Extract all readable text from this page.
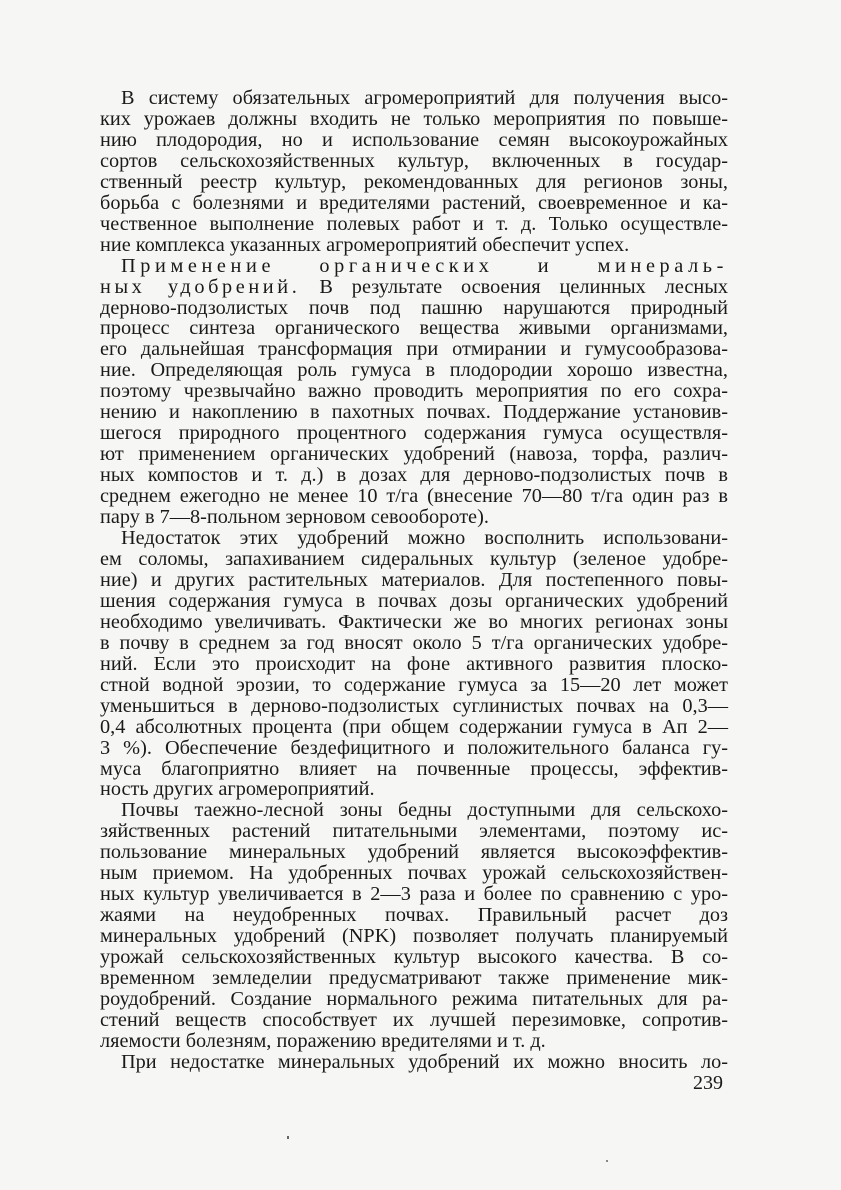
В систему обязательных агромероприятий для получения высо-
ких урожаев должны входить не только мероприятия по повыше-
нию плодородия, но и использование семян высокоурожайных
сортов сельскохозяйственных культур, включенных в государ-
ственный реестр культур, рекомендованных для регионов зоны,
борьба с болезнями и вредителями растений, своевременное и ка-
чественное выполнение полевых работ и т. д. Только осуществле-
ние комплекса указанных агромероприятий обеспечит успех.

Применение органических и минераль-
ных удобрений. В результате освоения целинных лесных
дерново-подзолистых почв под пашню нарушаются природный
процесс синтеза органического вещества живыми организмами,
его дальнейшая трансформация при отмирании и гумусообразова-
ние. Определяющая роль гумуса в плодородии хорошо известна,
поэтому чрезвычайно важно проводить мероприятия по его сохра-
нению и накоплению в пахотных почвах. Поддержание установив-
шегося природного процентного содержания гумуса осуществля-
ют применением органических удобрений (навоза, торфа, различ-
ных компостов и т. д.) в дозах для дерново-подзолистых почв в
среднем ежегодно не менее 10 т/га (внесение 70—80 т/га один раз в
пару в 7—8-польном зерновом севообороте).

Недостаток этих удобрений можно восполнить использовани-
ем соломы, запахиванием сидеральных культур (зеленое удобре-
ние) и других растительных материалов. Для постепенного повы-
шения содержания гумуса в почвах дозы органических удобрений
необходимо увеличивать. Фактически же во многих регионах зоны
в почву в среднем за год вносят около 5 т/га органических удобре-
ний. Если это происходит на фоне активного развития плоско-
стной водной эрозии, то содержание гумуса за 15—20 лет может
уменьшиться в дерново-подзолистых суглинистых почвах на 0,3—
0,4 абсолютных процента (при общем содержании гумуса в Aп 2—
3 %). Обеспечение бездефицитного и положительного баланса гу-
муса благоприятно влияет на почвенные процессы, эффектив-
ность других агромероприятий.

Почвы таежно-лесной зоны бедны доступными для сельскохо-
зяйственных растений питательными элементами, поэтому ис-
пользование минеральных удобрений является высокоэффектив-
ным приемом. На удобренных почвах урожай сельскохозяйствен-
ных культур увеличивается в 2—3 раза и более по сравнению с уро-
жаями на неудобренных почвах. Правильный расчет доз
минеральных удобрений (NPK) позволяет получать планируемый
урожай сельскохозяйственных культур высокого качества. В со-
временном земледелии предусматривают также применение мик-
роудобрений. Создание нормального режима питательных для ра-
стений веществ способствует их лучшей перезимовке, сопротив-
ляемости болезням, поражению вредителями и т. д.

При недостатке минеральных удобрений их можно вносить ло-

239
